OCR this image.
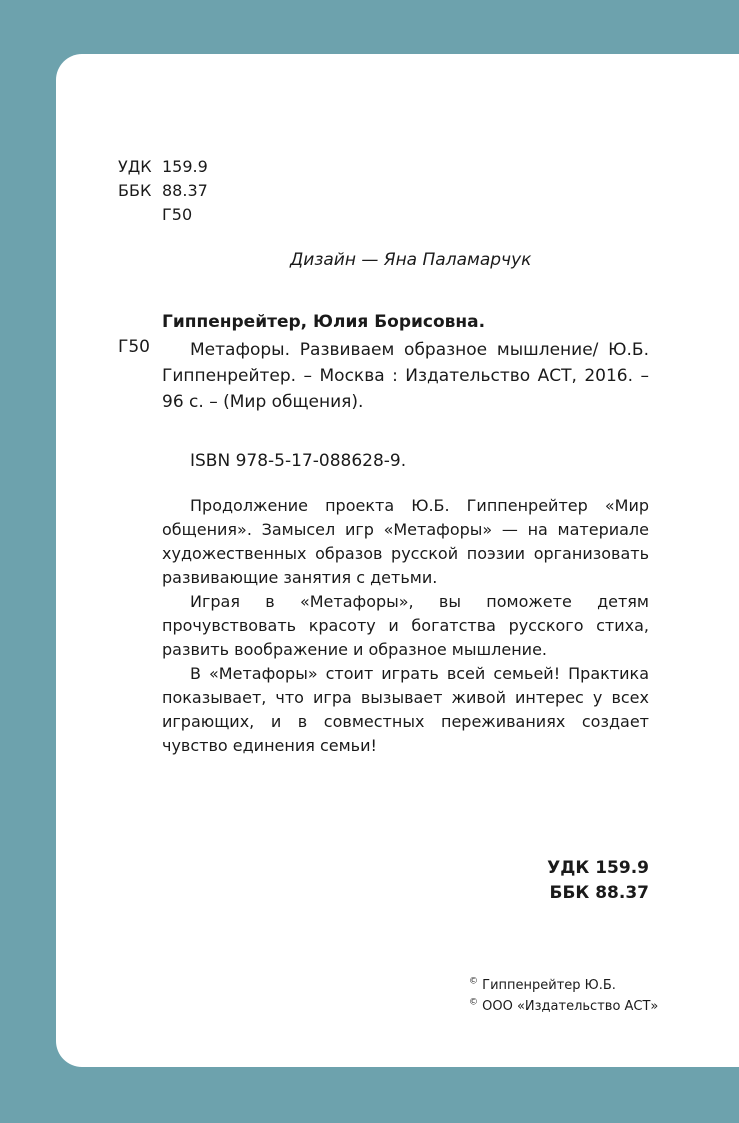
УДК 159.9
ББК 88.37
Г50
Дизайн — Яна Паламарчук
Гиппенрейтер, Юлия Борисовна.
Г50	Метафоры. Развиваем образное мышление/ Ю.Б. Гиппенрейтер. – Москва : Издательство АСТ, 2016. – 96 с. – (Мир общения).

ISBN 978-5-17-088628-9.

Продолжение проекта Ю.Б. Гиппенрейтер «Мир общения». Замысел игр «Метафоры» — на материале художественных образов русской поэзии организовать развивающие занятия с детьми.

Играя в «Метафоры», вы поможете детям прочувствовать красоту и богатства русского стиха, развить воображение и образное мышление.

В «Метафоры» стоит играть всей семьей! Практика показывает, что игра вызывает живой интерес у всех играющих, и в совместных переживаниях создает чувство единения семьи!

УДК 159.9
ББК 88.37
© Гиппенрейтер Ю.Б.
© ООО «Издательство АСТ»
